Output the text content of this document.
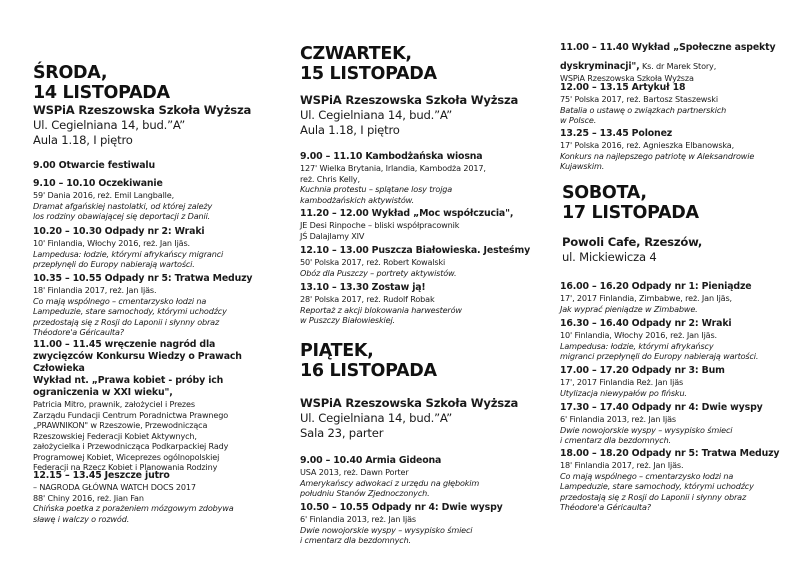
ŚRODA,
14 LISTOPADA
WSPiA Rzeszowska Szkoła Wyższa
Ul. Cegielniana 14, bud.”A”
Aula 1.18, I piętro
9.00 Otwarcie festiwalu
9.10 – 10.10 Oczekiwanie
59' Dania 2016, reż. Emil Langballe,
Dramat afgańskiej nastolatki, od której zależy
los rodziny obawiającej się deportacji z Danii.
10.20 – 10.30 Odpady nr 2: Wraki
10' Finlandia, Włochy 2016, reż. Jan Ijäs.
Lampedusa: łodzie, którymi afrykańscy migranci
przepłynęli do Europy nabierają wartości.
10.35 – 10.55 Odpady nr 5: Tratwa Meduzy
18' Finlandia 2017, reż. Jan Ijäs.
Co mają wspólnego – cmentarzysko łodzi na
Lampeduzie, stare samochody, którymi uchodźcy
przedostają się z Rosji do Laponii i słynny obraz
Théodore'a Géricaulta?
11.00 – 11.45 wręczenie nagród dla
zwycięzców Konkursu Wiedzy o Prawach
Człowieka
Wykład nt. „Prawa kobiet - próby ich
ograniczenia w XXI wieku",
Patricia Mitro, prawnik, założyciel i Prezes
Zarządu Fundacji Centrum Poradnictwa Prawnego
„PRAWNIKON" w Rzeszowie, Przewodnicząca
Rzeszowskiej Federacji Kobiet Aktywnych,
założycielka i Przewodnicząca Podkarpackiej Rady
Programowej Kobiet, Wiceprezes ogólnopolskiej
Federacji na Rzecz Kobiet i Planowania Rodziny
12.15 – 13.45 Jeszcze jutro
– NAGRODA GŁÓWNA WATCH DOCS 2017
88' Chiny 2016, reż. Jian Fan
Chińska poetka z porażeniem mózgowym zdobywa
sławę i walczy o rozwód.
CZWARTEK,
15 LISTOPADA
WSPiA Rzeszowska Szkoła Wyższa
Ul. Cegielniana 14, bud.”A”
Aula 1.18, I piętro
9.00 – 11.10 Kambodżańska wiosna
127' Wielka Brytania, Irlandia, Kambodża 2017,
reż. Chris Kelly,
Kuchnia protestu – splątane losy trojga
kambodżańskich aktywistów.
11.20 – 12.00 Wykład „Moc współczucia",
JE Desi Rinpoche – bliski współpracownik
JŚ Dalajlamy XIV
12.10 – 13.00 Puszcza Białowieska. Jesteśmy
50' Polska 2017, reż. Robert Kowalski
Obóz dla Puszczy – portrety aktywistów.
13.10 – 13.30 Zostaw ją!
28' Polska 2017, reż. Rudolf Robak
Reportaż z akcji blokowania harwesterów
w Puszczy Białowieskiej.
PIĄTEK,
16 LISTOPADA
WSPiA Rzeszowska Szkoła Wyższa
Ul. Cegielniana 14, bud.”A”
Sala 23, parter
9.00 – 10.40 Armia Gideona
USA 2013, reż. Dawn Porter
Amerykańscy adwokaci z urzędu na głębokim
południu Stanów Zjednoczonych.
10.50 – 10.55 Odpady nr 4: Dwie wyspy
6' Finlandia 2013, reż. Jan Ijäs
Dwie nowojorskie wyspy – wysypisko śmieci
i cmentarz dla bezdomnych.
11.00 – 11.40 Wykład „Społeczne aspekty
dyskryminacji", Ks. dr Marek Story,
WSPiA Rzeszowska Szkoła Wyższa
12.00 – 13.15 Artykuł 18
75' Polska 2017, reż. Bartosz Staszewski
Batalia o ustawę o związkach partnerskich
w Polsce.
13.25 – 13.45 Polonez
17' Polska 2016, reż. Agnieszka Elbanowska,
Konkurs na najlepszego patriotę w Aleksandrowie
Kujawskim.
SOBOTA,
17 LISTOPADA
Powoli Cafe, Rzeszów,
ul. Mickiewicza 4
16.00 – 16.20 Odpady nr 1: Pieniądze
17', 2017 Finlandia, Zimbabwe, reż. Jan Ijäs,
Jak wyprać pieniądze w Zimbabwe.
16.30 – 16.40 Odpady nr 2: Wraki
10' Finlandia, Włochy 2016, reż. Jan Ijäs.
Lampedusa: łodzie, którymi afrykańscy
migranci przepłynęli do Europy nabierają wartości.
17.00 – 17.20 Odpady nr 3: Bum
17', 2017 Finlandia Reż. Jan Ijäs
Utylizacja niewypałów po fińsku.
17.30 – 17.40 Odpady nr 4: Dwie wyspy
6' Finlandia 2013, reż. Jan Ijäs
Dwie nowojorskie wyspy – wysypisko śmieci
i cmentarz dla bezdomnych.
18.00 – 18.20 Odpady nr 5: Tratwa Meduzy
18' Finlandia 2017, reż. Jan Ijäs.
Co mają wspólnego – cmentarzysko łodzi na
Lampeduzie, stare samochody, którymi uchodźcy
przedostają się z Rosji do Laponii i słynny obraz
Théodore'a Géricaulta?
